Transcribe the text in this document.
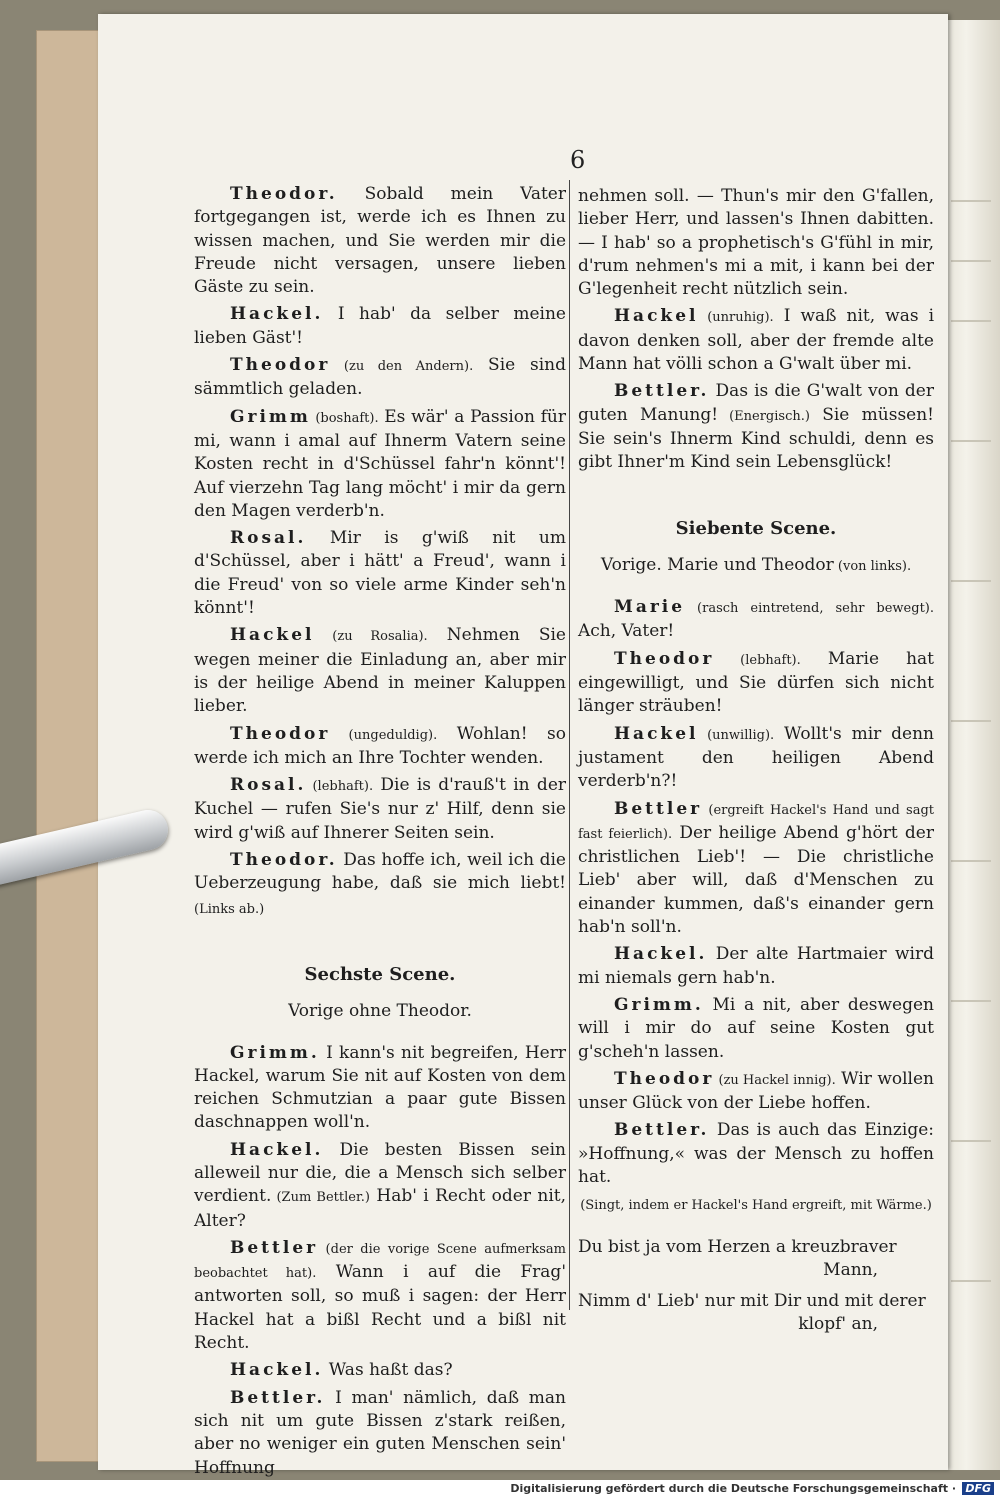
6

Theodor. Sobald mein Vater fortgegangen ist, werde ich es Ihnen zu wissen machen, und Sie werden mir die Freude nicht versagen, unsere lieben Gäste zu sein.

Hackel. I hab' da selber meine lieben Gäst'!

Theodor (zu den Andern). Sie sind sämmtlich geladen.

Grimm (boshaft). Es wär' a Passion für mi, wann i amal auf Ihnerm Vatern seine Kosten recht in d'Schüssel fahr'n könnt'! Auf vierzehn Tag lang möcht' i mir da gern den Magen verderb'n.

Rosal. Mir is g'wiß nit um d'Schüssel, aber i hätt' a Freud', wann i die Freud' von so viele arme Kinder seh'n könnt'!

Hackel (zu Rosalia). Nehmen Sie wegen meiner die Einladung an, aber mir is der heilige Abend in meiner Kaluppen lieber.

Theodor (ungeduldig). Wohlan! so werde ich mich an Ihre Tochter wenden.

Rosal. (lebhaft). Die is d'rauß't in der Kuchel — rufen Sie's nur z' Hilf, denn sie wird g'wiß auf Ihnerer Seiten sein.

Theodor. Das hoffe ich, weil ich die Ueberzeugung habe, daß sie mich liebt! (Links ab.)

Sechste Scene.

Vorige ohne Theodor.

Grimm. I kann's nit begreifen, Herr Hackel, warum Sie nit auf Kosten von dem reichen Schmutzian a paar gute Bissen daschnappen woll'n.

Hackel. Die besten Bissen sein alleweil nur die, die a Mensch sich selber verdient. (Zum Bettler.) Hab' i Recht oder nit, Alter?

Bettler (der die vorige Scene aufmerksam beobachtet hat). Wann i auf die Frag' antworten soll, so muß i sagen: der Herr Hackel hat a bißl Recht und a bißl nit Recht.

Hackel. Was haßt das?

Bettler. I man' nämlich, daß man sich nit um gute Bissen z'stark reißen, aber no weniger ein guten Menschen sein' Hoffnung

nehmen soll. — Thun's mir den G'fallen, lieber Herr, und lassen's Ihnen dabitten. — I hab' so a prophetisch's G'fühl in mir, d'rum nehmen's mi a mit, i kann bei der G'legenheit recht nützlich sein.

Hackel (unruhig). I waß nit, was i davon denken soll, aber der fremde alte Mann hat völli schon a G'walt über mi.

Bettler. Das is die G'walt von der guten Manung! (Energisch.) Sie müssen! Sie sein's Ihnerm Kind schuldi, denn es gibt Ihner'm Kind sein Lebensglück!

Siebente Scene.

Vorige. Marie und Theodor (von links).

Marie (rasch eintretend, sehr bewegt). Ach, Vater!

Theodor (lebhaft). Marie hat eingewilligt, und Sie dürfen sich nicht länger sträuben!

Hackel (unwillig). Wollt's mir denn justament den heiligen Abend verderb'n?!

Bettler (ergreift Hackel's Hand und sagt fast feierlich). Der heilige Abend g'hört der christlichen Lieb'! — Die christliche Lieb' aber will, daß d'Menschen zu einander kummen, daß's einander gern hab'n soll'n.

Hackel. Der alte Hartmaier wird mi niemals gern hab'n.

Grimm. Mi a nit, aber deswegen will i mir do auf seine Kosten gut g'scheh'n lassen.

Theodor (zu Hackel innig). Wir wollen unser Glück von der Liebe hoffen.

Bettler. Das is auch das Einzige: »Hoffnung,« was der Mensch zu hoffen hat.

(Singt, indem er Hackel's Hand ergreift, mit Wärme.)

Du bist ja vom Herzen a kreuzbraver

Mann,

Nimm d' Lieb' nur mit Dir und mit derer

klopf' an,

Digitalisierung gefördert durch die Deutsche Forschungsgemeinschaft · DFG
